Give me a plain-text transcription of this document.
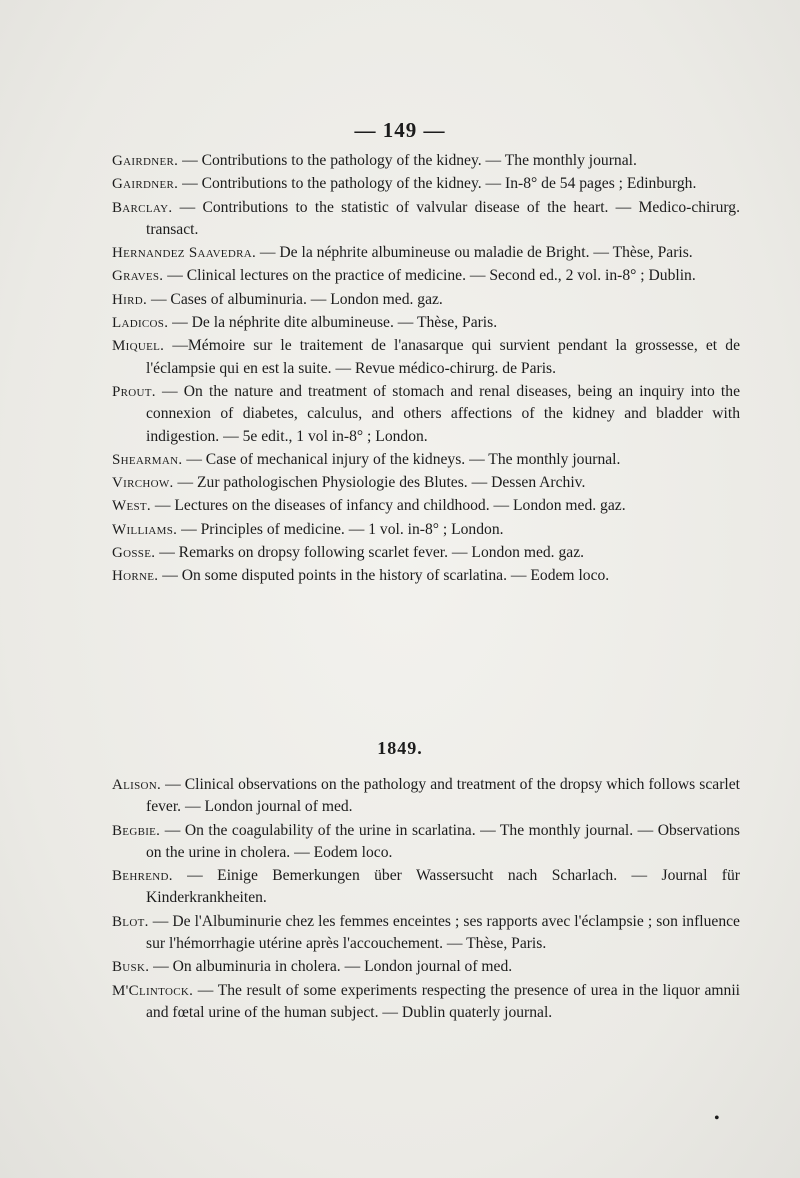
— 149 —

Gairdner. — Contributions to the pathology of the kidney. — The monthly journal.

Gairdner. — Contributions to the pathology of the kidney. — In-8° de 54 pages ; Edinburgh.

Barclay. — Contributions to the statistic of valvular disease of the heart. — Medico-chirurg. transact.

Hernandez Saavedra. — De la néphrite albumineuse ou maladie de Bright. — Thèse, Paris.

Graves. — Clinical lectures on the practice of medicine. — Second ed., 2 vol. in-8° ; Dublin.

Hird. — Cases of albuminuria. — London med. gaz.

Ladicos. — De la néphrite dite albumineuse. — Thèse, Paris.

Miquel. —Mémoire sur le traitement de l'anasarque qui survient pendant la grossesse, et de l'éclampsie qui en est la suite. — Revue médico-chirurg. de Paris.

Prout. — On the nature and treatment of stomach and renal diseases, being an inquiry into the connexion of diabetes, calculus, and others affections of the kidney and bladder with indigestion. — 5e edit., 1 vol in-8° ; London.

Shearman. — Case of mechanical injury of the kidneys. — The monthly journal.

Virchow. — Zur pathologischen Physiologie des Blutes. — Dessen Archiv.

West. — Lectures on the diseases of infancy and childhood. — London med. gaz.

Williams. — Principles of medicine. — 1 vol. in-8° ; London.

Gosse. — Remarks on dropsy following scarlet fever. — London med. gaz.

Horne. — On some disputed points in the history of scarlatina. — Eodem loco.

1849.

Alison. — Clinical observations on the pathology and treatment of the dropsy which follows scarlet fever. — London journal of med.

Begbie. — On the coagulability of the urine in scarlatina. — The monthly journal. — Observations on the urine in cholera. — Eodem loco.

Behrend. — Einige Bemerkungen über Wassersucht nach Scharlach. — Journal für Kinderkrankheiten.

Blot. — De l'Albuminurie chez les femmes enceintes ; ses rapports avec l'éclampsie ; son influence sur l'hémorrhagie utérine après l'accouchement. — Thèse, Paris.

Busk. — On albuminuria in cholera. — London journal of med.

M'Clintock. — The result of some experiments respecting the presence of urea in the liquor amnii and fœtal urine of the human subject. — Dublin quaterly journal.

•
